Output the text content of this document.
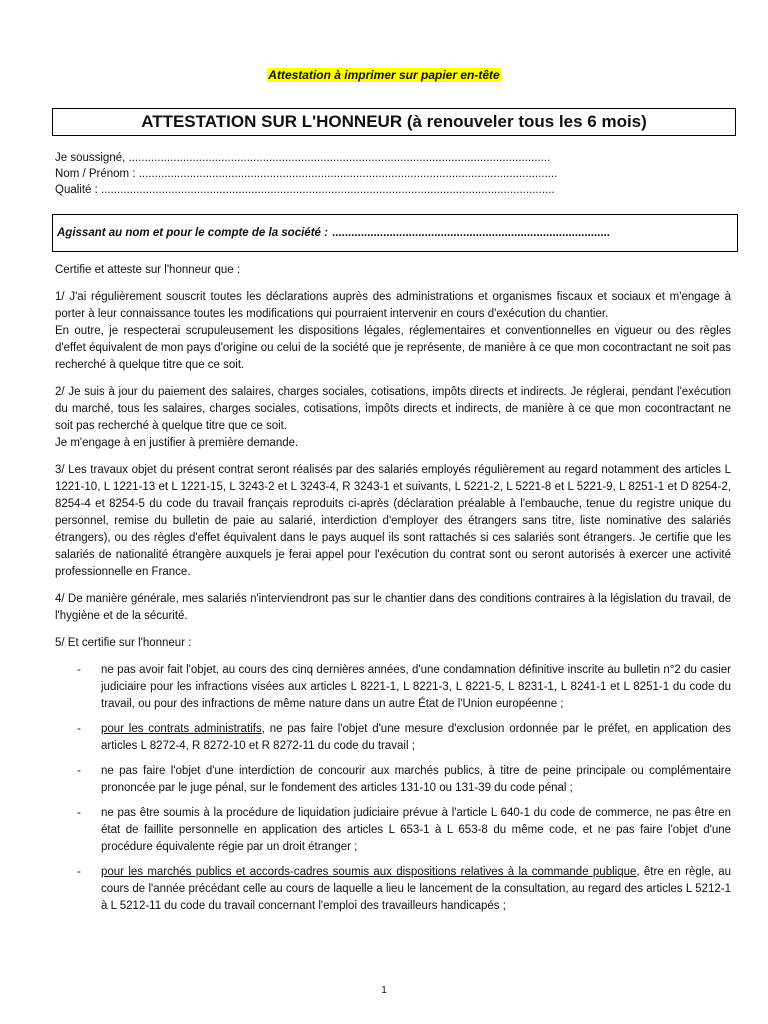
Attestation à imprimer sur papier en-tête
ATTESTATION SUR L'HONNEUR (à renouveler tous les 6 mois)
Je soussigné, ....................................................................................................................................
Nom / Prénom : ...................................................................................................................................
Qualité : ..............................................................................................................................................
Agissant au nom et pour le compte de la société : .......................................................................................

Certifie et atteste sur l'honneur que :

1/ J'ai régulièrement souscrit toutes les déclarations auprès des administrations et organismes fiscaux et sociaux et m'engage à porter à leur connaissance toutes les modifications qui pourraient intervenir en cours d'exécution du chantier.

En outre, je respecterai scrupuleusement les dispositions légales, réglementaires et conventionnelles en vigueur ou des règles d'effet équivalent de mon pays d'origine ou celui de la société que je représente, de manière à ce que mon cocontractant ne soit pas recherché à quelque titre que ce soit.

2/ Je suis à jour du paiement des salaires, charges sociales, cotisations, impôts directs et indirects. Je réglerai, pendant l'exécution du marché, tous les salaires, charges sociales, cotisations, impôts directs et indirects, de manière à ce que mon cocontractant ne soit pas recherché à quelque titre que ce soit.

Je m'engage à en justifier à première demande.

3/ Les travaux objet du présent contrat seront réalisés par des salariés employés régulièrement au regard notamment des articles L 1221-10, L 1221-13 et L 1221-15, L 3243-2 et L 3243-4, R 3243-1 et suivants, L 5221-2, L 5221-8 et L 5221-9, L 8251-1 et D 8254-2, 8254-4 et 8254-5 du code du travail français reproduits ci-après (déclaration préalable à l'embauche, tenue du registre unique du personnel, remise du bulletin de paie au salarié, interdiction d'employer des étrangers sans titre, liste nominative des salariés étrangers), ou des règles d'effet équivalent dans le pays auquel ils sont rattachés si ces salariés sont étrangers. Je certifie que les salariés de nationalité étrangère auxquels je ferai appel pour l'exécution du contrat sont ou seront autorisés à exercer une activité professionnelle en France.

4/ De manière générale, mes salariés n'interviendront pas sur le chantier dans des conditions contraires à la législation du travail, de l'hygiène et de la sécurité.

5/ Et certifie sur l'honneur :

- ne pas avoir fait l'objet, au cours des cinq dernières années, d'une condamnation définitive inscrite au bulletin n°2 du casier judiciaire pour les infractions visées aux articles L 8221-1, L 8221-3, L 8221-5, L 8231-1, L 8241-1 et L 8251-1 du code du travail, ou pour des infractions de même nature dans un autre État de l'Union européenne ;
- pour les contrats administratifs, ne pas faire l'objet d'une mesure d'exclusion ordonnée par le préfet, en application des articles L 8272-4, R 8272-10 et R 8272-11 du code du travail ;
- ne pas faire l'objet d'une interdiction de concourir aux marchés publics, à titre de peine principale ou complémentaire prononcée par le juge pénal, sur le fondement des articles 131-10 ou 131-39 du code pénal ;
- ne pas être soumis à la procédure de liquidation judiciaire prévue à l'article L 640-1 du code de commerce, ne pas être en état de faillite personnelle en application des articles L 653-1 à L 653-8 du même code, et ne pas faire l'objet d'une procédure équivalente régie par un droit étranger ;
- pour les marchés publics et accords-cadres soumis aux dispositions relatives à la commande publique, être en règle, au cours de l'année précédant celle au cours de laquelle a lieu le lancement de la consultation, au regard des articles L 5212-1 à L 5212-11 du code du travail concernant l'emploi des travailleurs handicapés ;
1
